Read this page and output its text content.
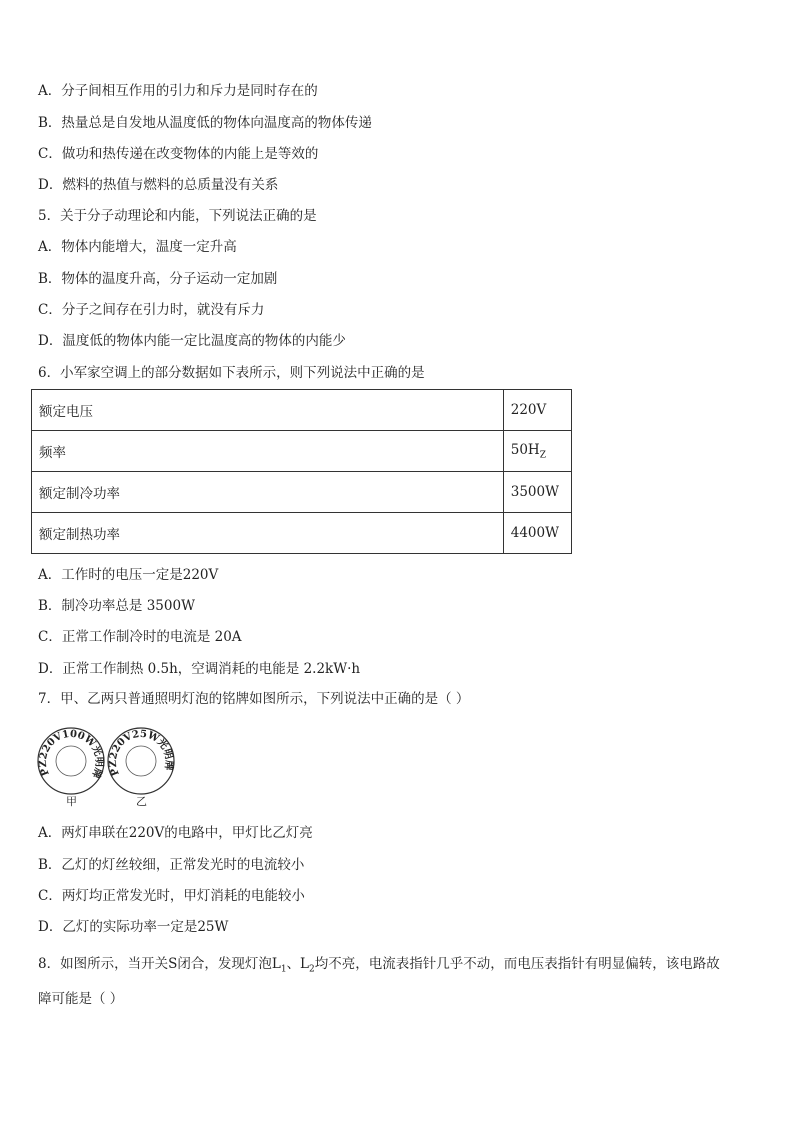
A．分子间相互作用的引力和斥力是同时存在的
B．热量总是自发地从温度低的物体向温度高的物体传递
C．做功和热传递在改变物体的内能上是等效的
D．燃料的热值与燃料的总质量没有关系
5．关于分子动理论和内能，下列说法正确的是
A．物体内能增大，温度一定升高
B．物体的温度升高，分子运动一定加剧
C．分子之间存在引力时，就没有斥力
D．温度低的物体内能一定比温度高的物体的内能少
6．小军家空调上的部分数据如下表所示，则下列说法中正确的是
额定电压	220V
频率	$50H_Z$
额定制冷功率	3500W
额定制热功率	4400W
A．工作时的电压一定是220V
B．制冷功率总是 3500W
C．正常工作制冷时的电流是 20A
D．正常工作制热 0.5h，空调消耗的电能是 2.2kW·h
7．甲、乙两只普通照明灯泡的铭牌如图所示，下列说法中正确的是（ ）
PZ220V100W光明牌 PZ220V25W光明牌
甲	乙
A．两灯串联在220V的电路中，甲灯比乙灯亮
B．乙灯的灯丝较细，正常发光时的电流较小
C．两灯均正常发光时，甲灯消耗的电能较小
D．乙灯的实际功率一定是25W
8．如图所示，当开关S闭合，发现灯泡$L_1$、$L_2$均不亮，电流表指针几乎不动，而电压表指针有明显偏转，该电路故
障可能是（ ）
